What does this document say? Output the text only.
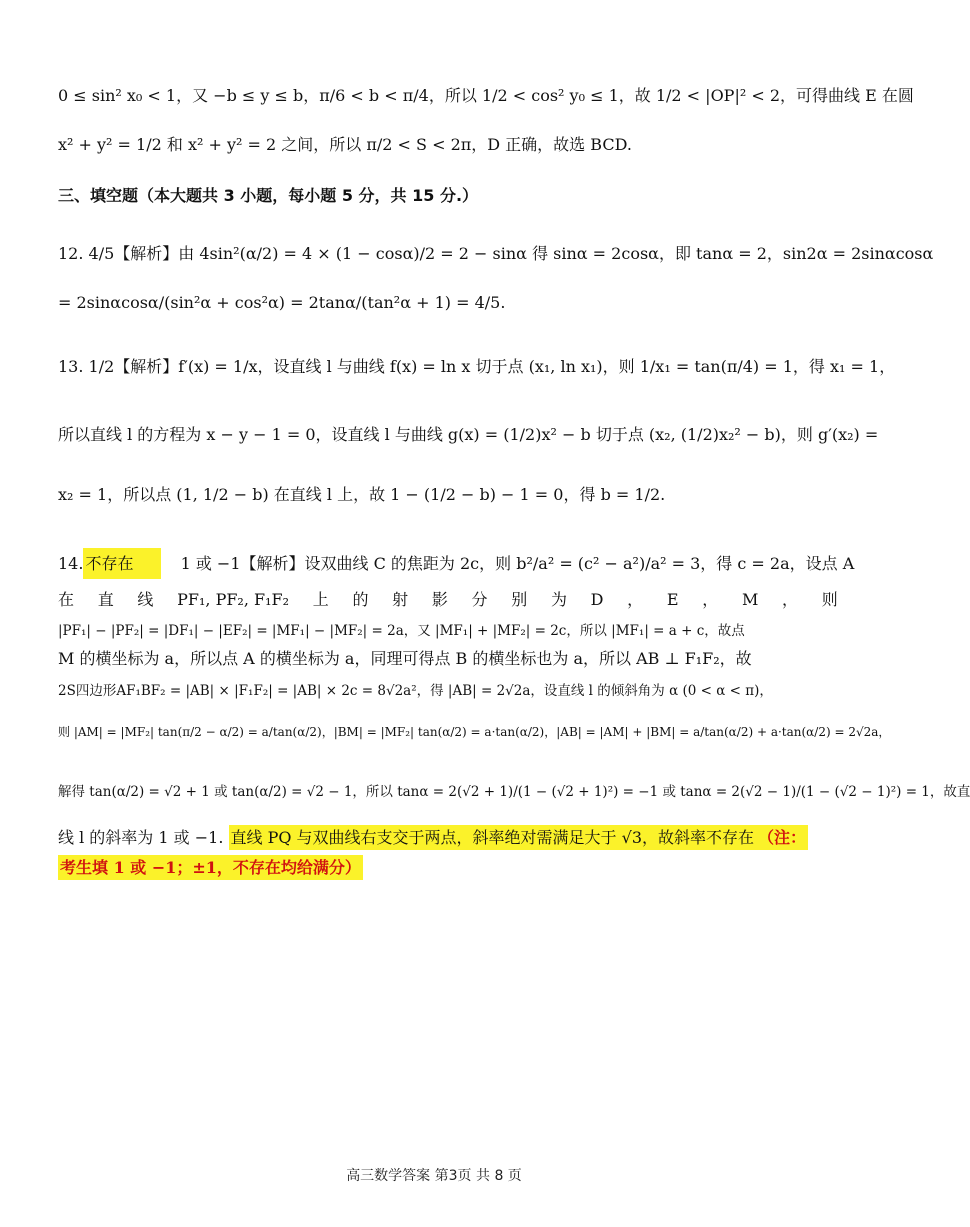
0 ≤ sin² x₀ < 1，又 −b ≤ y ≤ b，π/6 < b < π/4，所以 1/2 < cos² y₀ ≤ 1，故 1/2 < |OP|² < 2，可得曲线 E 在圆
x² + y² = 1/2 和 x² + y² = 2 之间，所以 π/2 < S < 2π，D 正确，故选 BCD.
三、填空题（本大题共 3 小题，每小题 5 分，共 15 分.）
12. 4/5【解析】由 4sin²(α/2) = 4 × (1 − cosα)/2 = 2 − sinα 得 sinα = 2cosα，即 tanα = 2，sin2α = 2sinαcosα
= 2sinαcosα/(sin²α + cos²α) = 2tanα/(tan²α + 1) = 4/5.
13. 1/2【解析】f′(x) = 1/x，设直线 l 与曲线 f(x) = ln x 切于点 (x₁, ln x₁)，则 1/x₁ = tan(π/4) = 1，得 x₁ = 1，
所以直线 l 的方程为 x − y − 1 = 0，设直线 l 与曲线 g(x) = (1/2)x² − b 切于点 (x₂, (1/2)x₂² − b)，则 g′(x₂) =
x₂ = 1，所以点 (1, 1/2 − b) 在直线 l 上，故 1 − (1/2 − b) − 1 = 0，得 b = 1/2.
14. 不存在	1 或 −1【解析】设双曲线 C 的焦距为 2c，则 b²/a² = (c² − a²)/a² = 3，得 c = 2a，设点 A
在 直 线 PF₁, PF₂, F₁F₂ 上 的 射 影 分 别 为 D ， E ， M ， 则
|PF₁| − |PF₂| = |DF₁| − |EF₂| = |MF₁| − |MF₂| = 2a，又 |MF₁| + |MF₂| = 2c，所以 |MF₁| = a + c，故点
M 的横坐标为 a，所以点 A 的横坐标为 a，同理可得点 B 的横坐标也为 a，所以 AB ⊥ F₁F₂，故
2S四边形AF₁BF₂ = |AB| × |F₁F₂| = |AB| × 2c = 8√2a²，得 |AB| = 2√2a，设直线 l 的倾斜角为 α (0 < α < π)，
则 |AM| = |MF₂| tan(π/2 − α/2) = a/tan(α/2)，|BM| = |MF₂| tan(α/2) = a·tan(α/2)，|AB| = |AM| + |BM| = a/tan(α/2) + a·tan(α/2) = 2√2a，
解得 tan(α/2) = √2 + 1 或 tan(α/2) = √2 − 1，所以 tanα = 2(√2 + 1)/(1 − (√2 + 1)²) = −1 或 tanα = 2(√2 − 1)/(1 − (√2 − 1)²) = 1，故直
线 l 的斜率为 1 或 −1. 直线 PQ 与双曲线右支交于两点，斜率绝对需满足大于 √3，故斜率不存在 （注：
考生填 1 或 −1；±1，不存在均给满分）
高三数学答案 第3页 共 8 页
